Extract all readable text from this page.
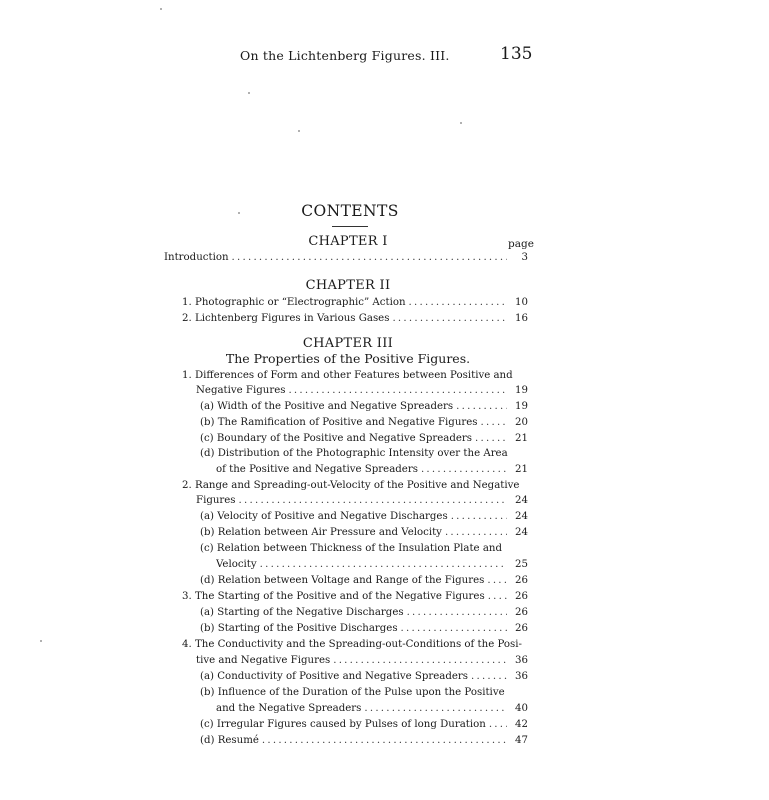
On the Lichtenberg Figures. III.	135
CONTENTS
CHAPTER I	page
Introduction . . .	3
CHAPTER II
1. Photographic or “Electrographic” Action . . .	10
2. Lichtenberg Figures in Various Gases . . .	16
CHAPTER III
The Properties of the Positive Figures.
1. Differences of Form and other Features between Positive and
Negative Figures . . .	19
(a) Width of the Positive and Negative Spreaders . . .	19
(b) The Ramification of Positive and Negative Figures . . .	20
(c) Boundary of the Positive and Negative Spreaders . . .	21
(d) Distribution of the Photographic Intensity over the Area
of the Positive and Negative Spreaders . . .	21
2. Range and Spreading-out-Velocity of the Positive and Negative
Figures . . .	24
(a) Velocity of Positive and Negative Discharges . . .	24
(b) Relation between Air Pressure and Velocity . . .	24
(c) Relation between Thickness of the Insulation Plate and
Velocity . . .	25
(d) Relation between Voltage and Range of the Figures . . .	26
3. The Starting of the Positive and of the Negative Figures . . .	26
(a) Starting of the Negative Discharges . . .	26
(b) Starting of the Positive Discharges . . .	26
4. The Conductivity and the Spreading-out-Conditions of the Posi-
tive and Negative Figures . . .	36
(a) Conductivity of Positive and Negative Spreaders . . .	36
(b) Influence of the Duration of the Pulse upon the Positive
and the Negative Spreaders . . .	40
(c) Irregular Figures caused by Pulses of long Duration . . .	42
(d) Resumé . . .	47
